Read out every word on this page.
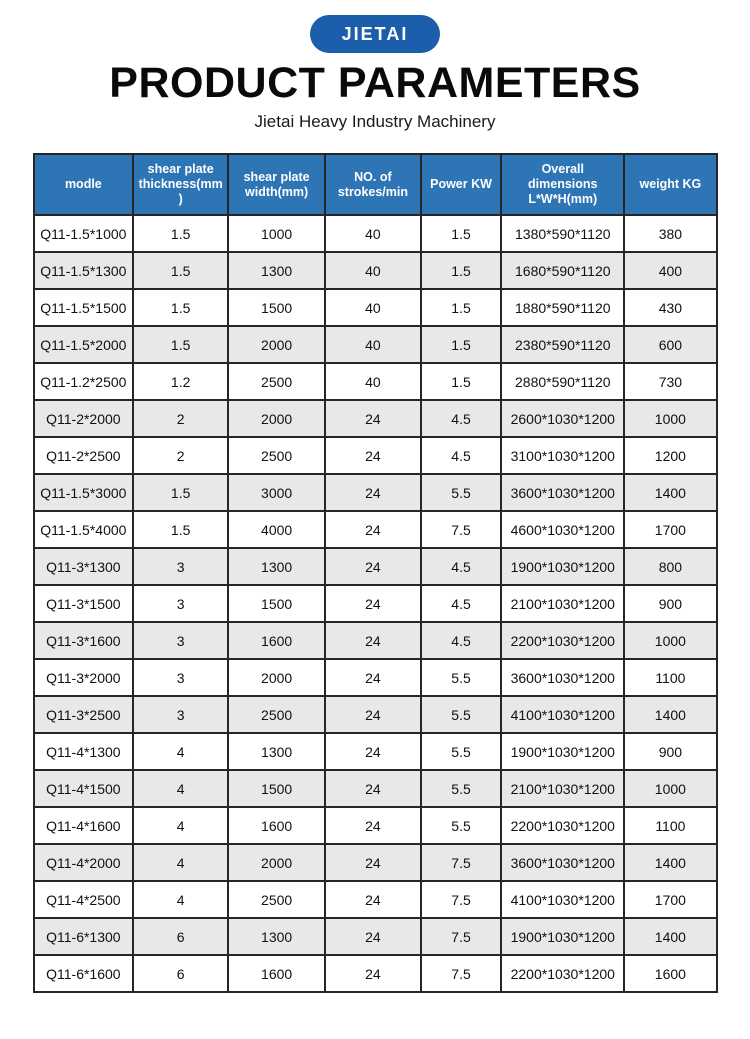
JIETAI
PRODUCT PARAMETERS
Jietai Heavy Industry Machinery
modle	shear plate thickness(mm)	shear plate width(mm)	NO. of strokes/min	Power KW	Overall dimensions L*W*H(mm)	weight KG
Q11-1.5*1000	1.5	1000	40	1.5	1380*590*1120	380
Q11-1.5*1300	1.5	1300	40	1.5	1680*590*1120	400
Q11-1.5*1500	1.5	1500	40	1.5	1880*590*1120	430
Q11-1.5*2000	1.5	2000	40	1.5	2380*590*1120	600
Q11-1.2*2500	1.2	2500	40	1.5	2880*590*1120	730
Q11-2*2000	2	2000	24	4.5	2600*1030*1200	1000
Q11-2*2500	2	2500	24	4.5	3100*1030*1200	1200
Q11-1.5*3000	1.5	3000	24	5.5	3600*1030*1200	1400
Q11-1.5*4000	1.5	4000	24	7.5	4600*1030*1200	1700
Q11-3*1300	3	1300	24	4.5	1900*1030*1200	800
Q11-3*1500	3	1500	24	4.5	2100*1030*1200	900
Q11-3*1600	3	1600	24	4.5	2200*1030*1200	1000
Q11-3*2000	3	2000	24	5.5	3600*1030*1200	1100
Q11-3*2500	3	2500	24	5.5	4100*1030*1200	1400
Q11-4*1300	4	1300	24	5.5	1900*1030*1200	900
Q11-4*1500	4	1500	24	5.5	2100*1030*1200	1000
Q11-4*1600	4	1600	24	5.5	2200*1030*1200	1100
Q11-4*2000	4	2000	24	7.5	3600*1030*1200	1400
Q11-4*2500	4	2500	24	7.5	4100*1030*1200	1700
Q11-6*1300	6	1300	24	7.5	1900*1030*1200	1400
Q11-6*1600	6	1600	24	7.5	2200*1030*1200	1600
